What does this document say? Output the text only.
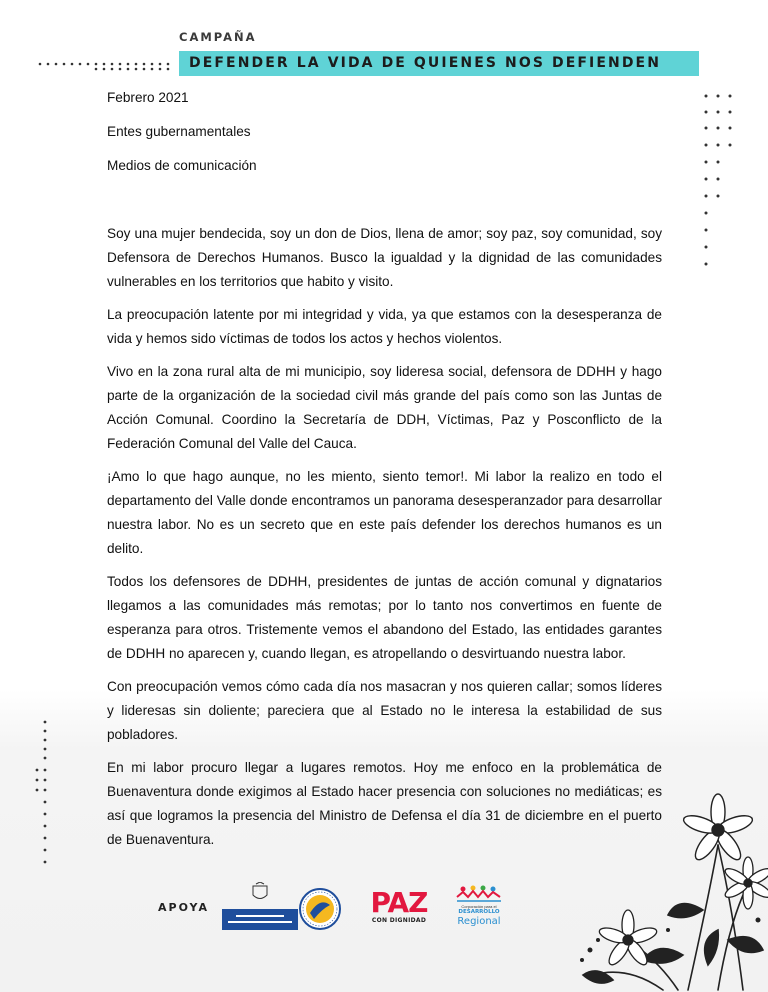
CAMPAÑA
DEFENDER LA VIDA DE QUIENES NOS DEFIENDEN

Febrero 2021

Entes gubernamentales

Medios de comunicación

Soy una mujer bendecida, soy un don de Dios, llena de amor; soy paz, soy comunidad, soy Defensora de Derechos Humanos. Busco la igualdad y la dignidad de las comunidades vulnerables en los territorios que habito y visito.

La preocupación latente por mi integridad y vida, ya que estamos con la desesperanza de vida y hemos sido víctimas de todos los actos y hechos violentos.

Vivo en la zona rural alta de mi municipio, soy lideresa social, defensora de DDHH y hago parte de la organización de la sociedad civil más grande del país como son las Juntas de Acción Comunal. Coordino la Secretaría de DDH, Víctimas, Paz y Posconflicto de la Federación Comunal del Valle del Cauca.

¡Amo lo que hago aunque, no les miento, siento temor!. Mi labor la realizo en todo el departamento del Valle donde encontramos un panorama desesperanzador para desarrollar nuestra labor. No es un secreto que en este país defender los derechos humanos es un delito.

Todos los defensores de DDHH, presidentes de juntas de acción comunal y dignatarios llegamos a las comunidades más remotas; por lo tanto nos convertimos en fuente de esperanza para otros. Tristemente vemos el abandono del Estado, las entidades garantes de DDHH no aparecen y, cuando llegan, es atropellando o desvirtuando nuestra labor.

Con preocupación vemos cómo cada día nos masacran y nos quieren callar; somos líderes y lideresas sin doliente; pareciera que al Estado no le interesa la estabilidad de sus pobladores.

En mi labor procuro llegar a lugares remotos. Hoy me enfoco en la problemática de Buenaventura donde exigimos al Estado hacer presencia con soluciones no mediáticas; es así que logramos la presencia del Ministro de Defensa el día 31 de diciembre en el puerto de Buenaventura.

APOYA	PAZ
CON DIGNIDAD
Corporación para el
DESARROLLO
Regional
